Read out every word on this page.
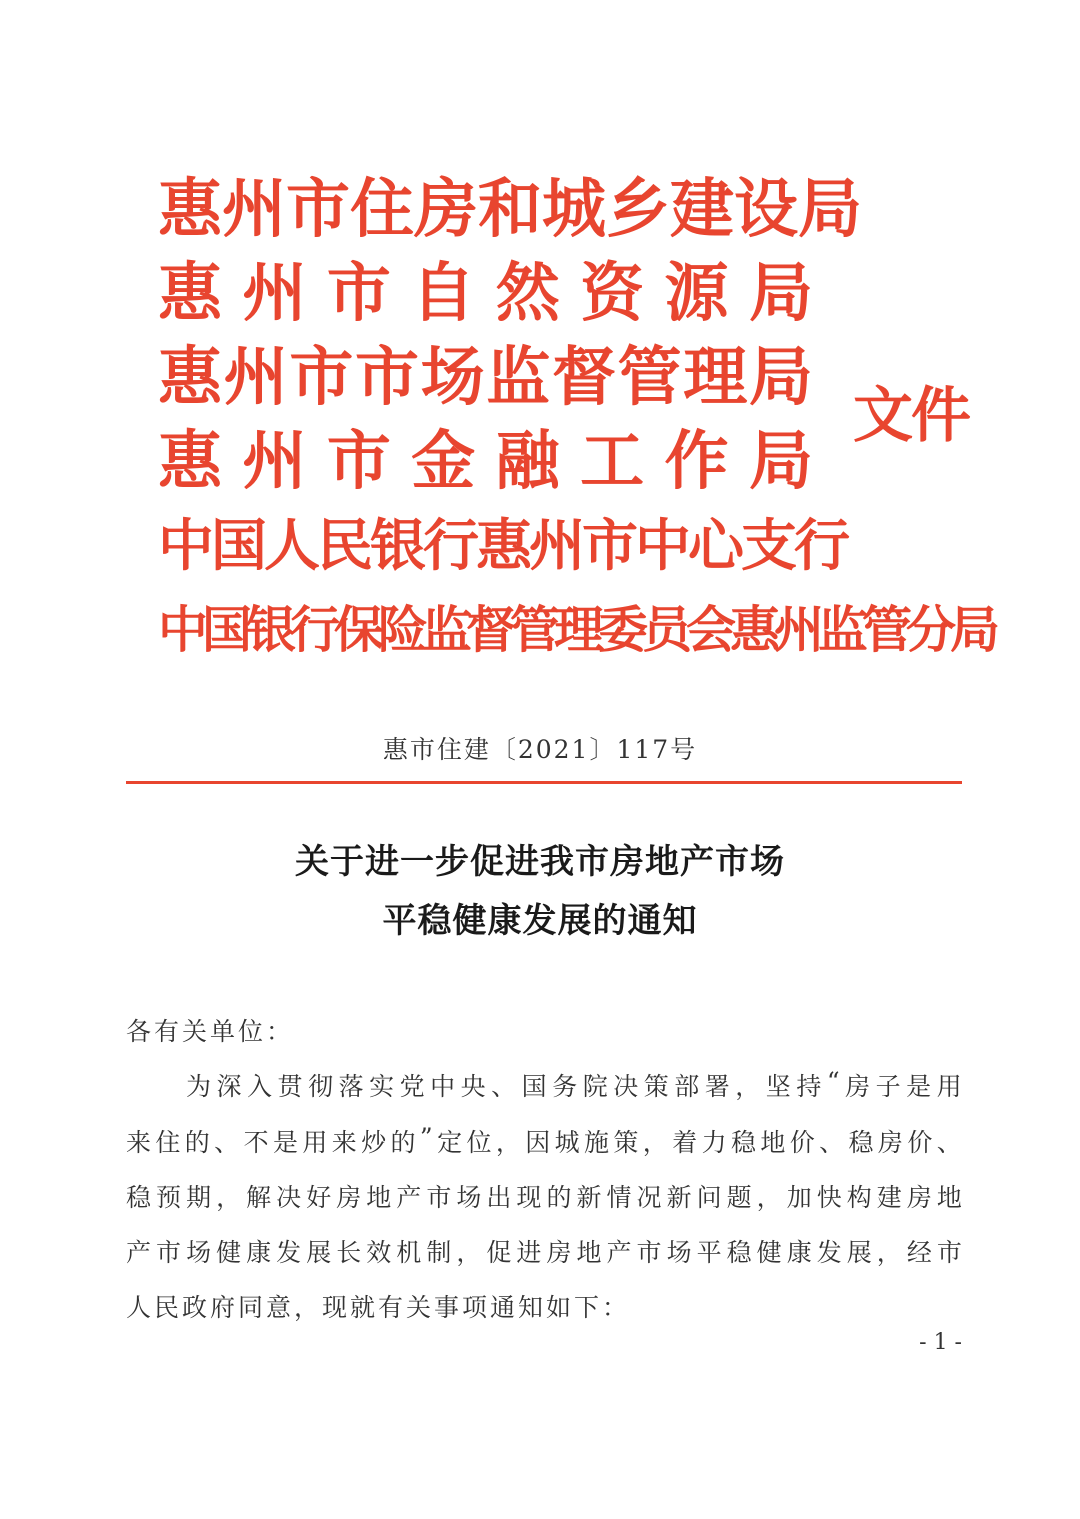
惠 州 市 住 房 和 城 乡 建 设 局
惠 州 市 自 然 资 源 局
惠 州 市 市 场 监 督 管 理 局
惠 州 市 金 融 工 作 局
中国人民银行惠州市中心支行
中国银行保险监督管理委员会惠州监管分局
文件
惠市住建〔2021〕117号
关于进一步促进我市房地产市场
平稳健康发展的通知
各有关单位：
为 深 入 贯 彻 落 实 党 中 央 、 国 务 院 决 策 部 署 ， 坚 持 “ 房 子 是 用
来 住 的 、 不 是 用 来 炒 的 ” 定 位 ， 因 城 施 策 ， 着 力 稳 地 价 、 稳 房 价 、
稳 预 期 ， 解 决 好 房 地 产 市 场 出 现 的 新 情 况 新 问 题 ， 加 快 构 建 房 地
产 市 场 健 康 发 展 长 效 机 制 ， 促 进 房 地 产 市 场 平 稳 健 康 发 展 ， 经 市
人民政府同意，现就有关事项通知如下：
- 1 -
